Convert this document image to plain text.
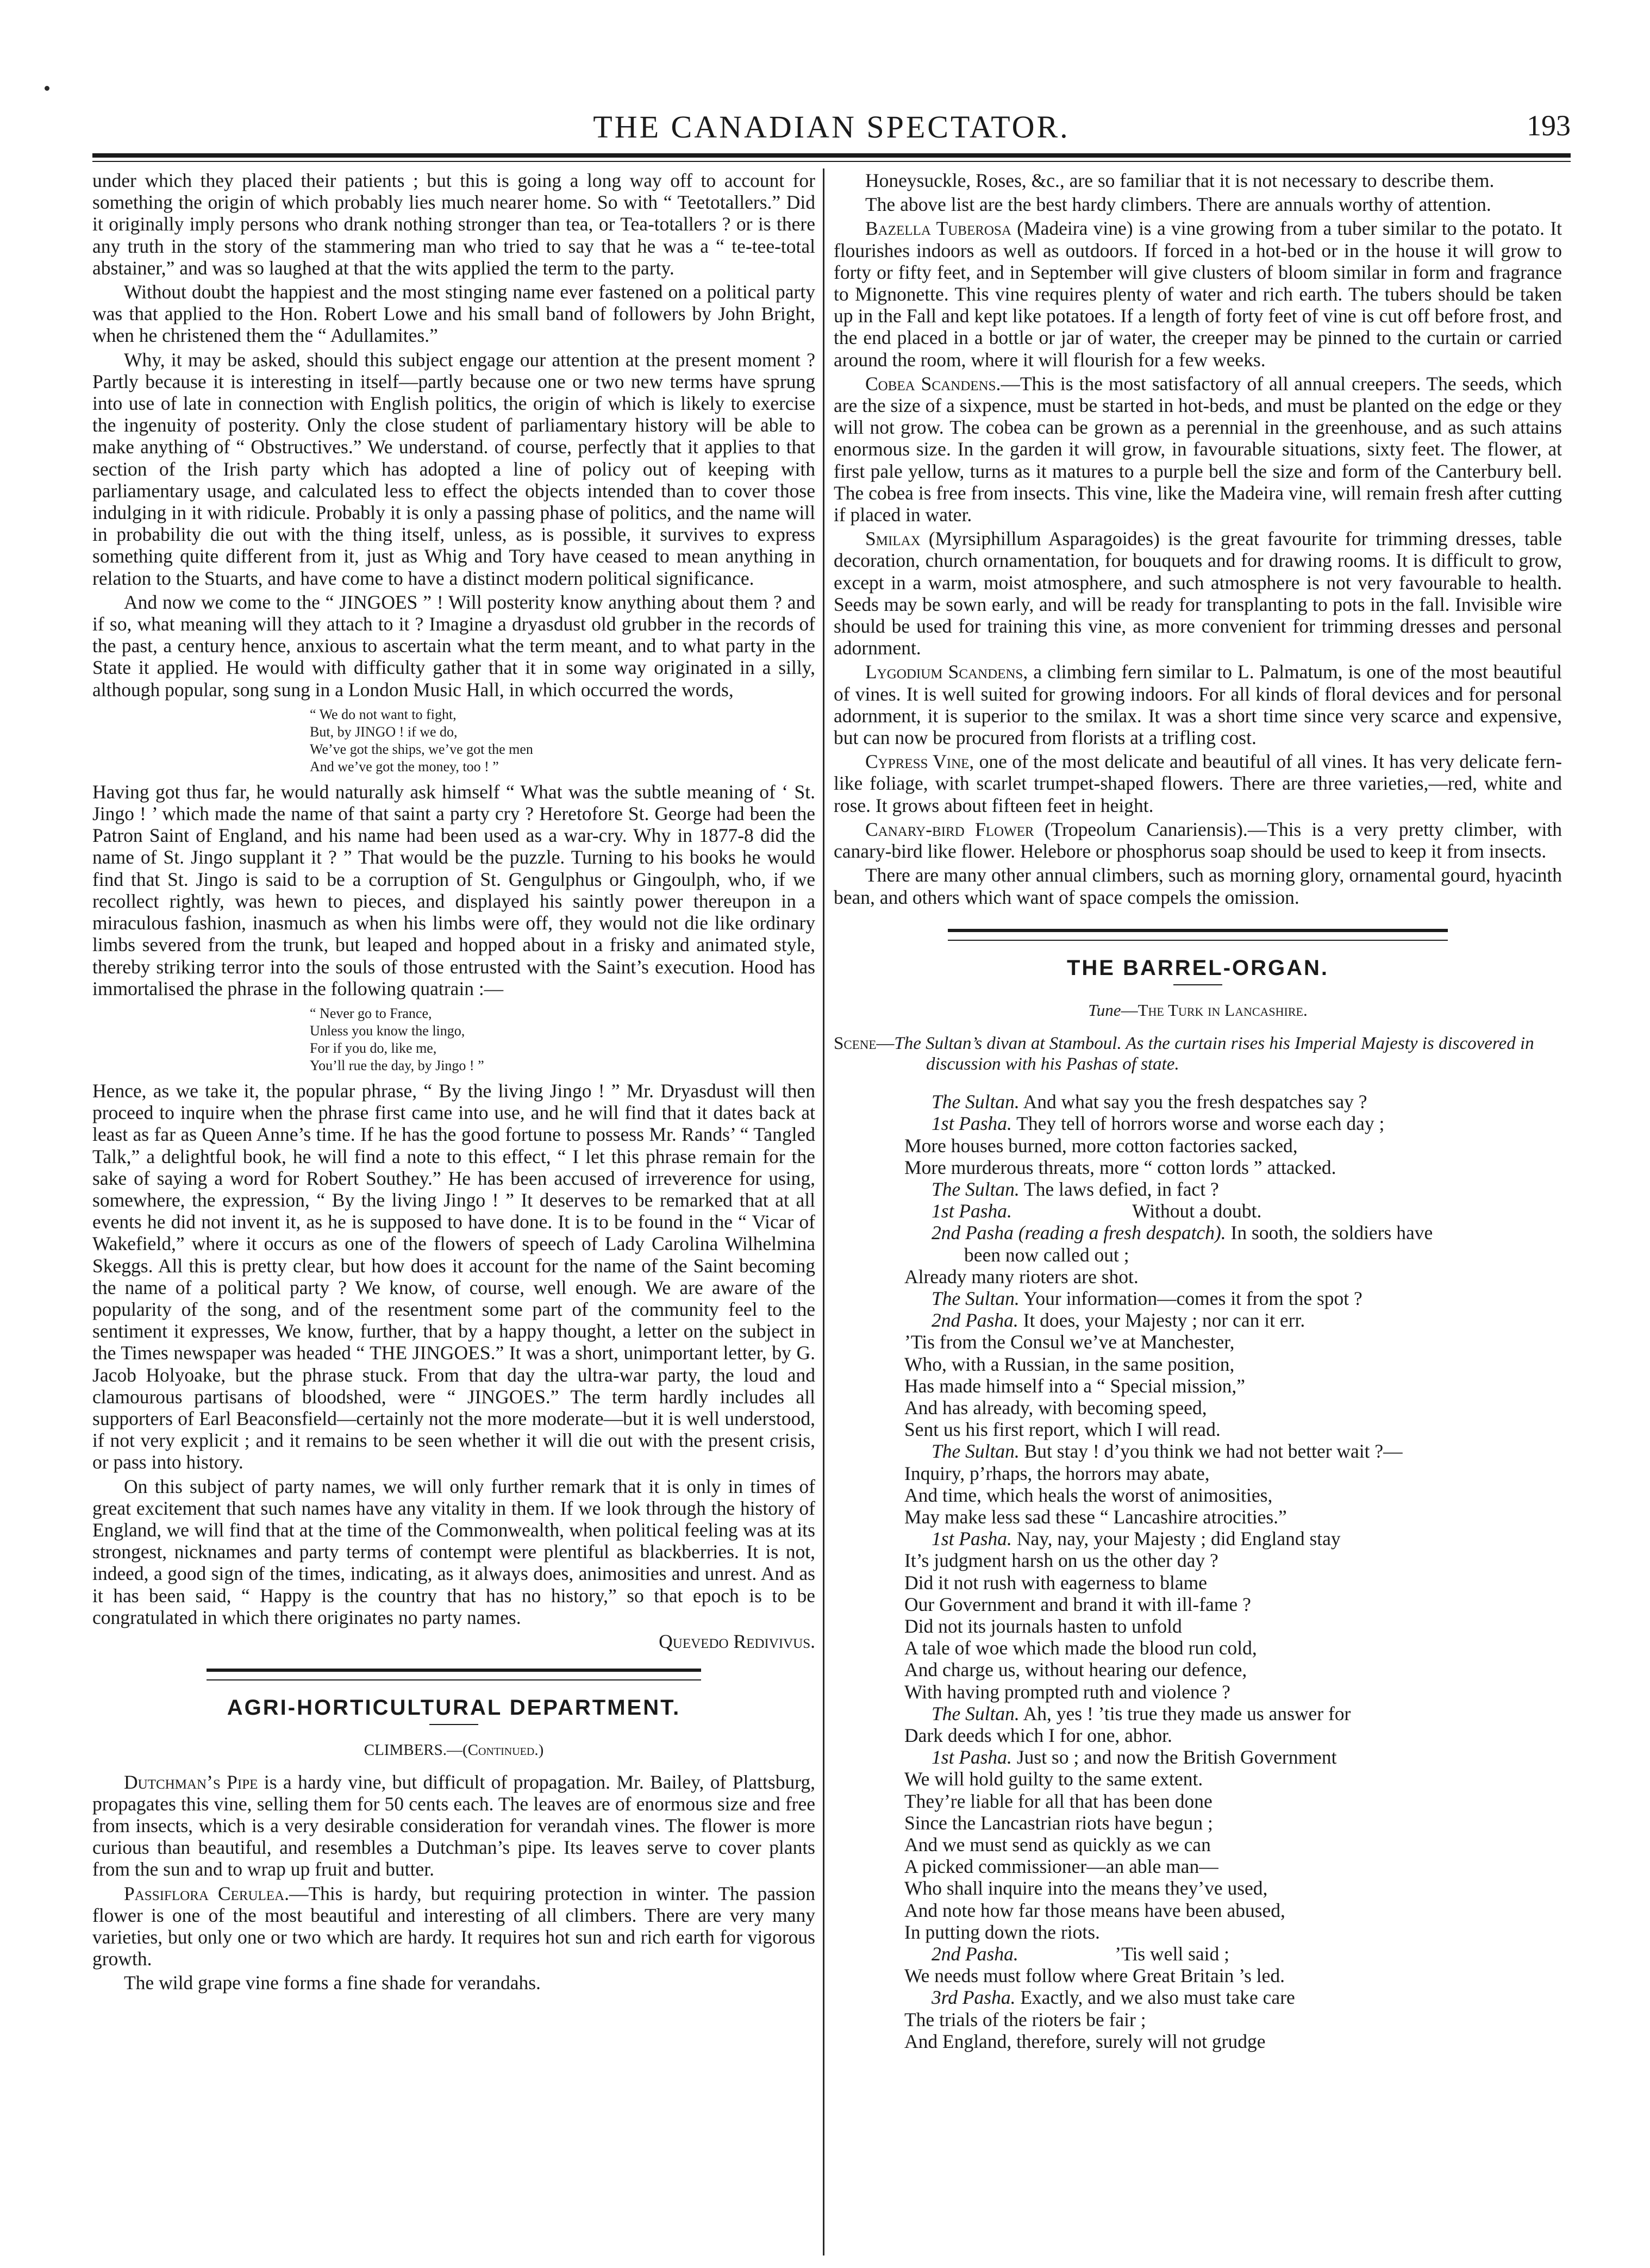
THE CANADIAN SPECTATOR.	193

under which they placed their patients ; but this is going a long way off to account for something the origin of which probably lies much nearer home. So with “ Teetotallers.” Did it originally imply persons who drank nothing stronger than tea, or Tea-totallers ? or is there any truth in the story of the stammering man who tried to say that he was a “ te-tee-total abstainer,” and was so laughed at that the wits applied the term to the party.

Without doubt the happiest and the most stinging name ever fastened on a political party was that applied to the Hon. Robert Lowe and his small band of followers by John Bright, when he christened them the “ Adullamites.”

Why, it may be asked, should this subject engage our attention at the present moment ? Partly because it is interesting in itself—partly because one or two new terms have sprung into use of late in connection with English politics, the origin of which is likely to exercise the ingenuity of posterity. Only the close student of parliamentary history will be able to make anything of “ Obstructives.” We understand. of course, perfectly that it applies to that section of the Irish party which has adopted a line of policy out of keeping with parliamentary usage, and calculated less to effect the objects intended than to cover those indulging in it with ridicule. Probably it is only a passing phase of politics, and the name will in probability die out with the thing itself, unless, as is possible, it survives to express something quite different from it, just as Whig and Tory have ceased to mean anything in relation to the Stuarts, and have come to have a distinct modern political significance.

And now we come to the “ JINGOES ” ! Will posterity know anything about them ? and if so, what meaning will they attach to it ? Imagine a dryasdust old grubber in the records of the past, a century hence, anxious to ascertain what the term meant, and to what party in the State it applied. He would with difficulty gather that it in some way originated in a silly, although popular, song sung in a London Music Hall, in which occurred the words,

“ We do not want to fight,
But, by JINGO ! if we do,
We’ve got the ships, we’ve got the men
And we’ve got the money, too ! ”

Having got thus far, he would naturally ask himself “ What was the subtle meaning of ‘ St. Jingo ! ’ which made the name of that saint a party cry ? Heretofore St. George had been the Patron Saint of England, and his name had been used as a war-cry. Why in 1877-8 did the name of St. Jingo supplant it ? ” That would be the puzzle. Turning to his books he would find that St. Jingo is said to be a corruption of St. Gengulphus or Gingoulph, who, if we recollect rightly, was hewn to pieces, and displayed his saintly power thereupon in a miraculous fashion, inasmuch as when his limbs were off, they would not die like ordinary limbs severed from the trunk, but leaped and hopped about in a frisky and animated style, thereby striking terror into the souls of those entrusted with the Saint’s execution. Hood has immortalised the phrase in the following quatrain :—

“ Never go to France,
Unless you know the lingo,
For if you do, like me,
You’ll rue the day, by Jingo ! ”

Hence, as we take it, the popular phrase, “ By the living Jingo ! ” Mr. Dryasdust will then proceed to inquire when the phrase first came into use, and he will find that it dates back at least as far as Queen Anne’s time. If he has the good fortune to possess Mr. Rands’ “ Tangled Talk,” a delightful book, he will find a note to this effect, “ I let this phrase remain for the sake of saying a word for Robert Southey.” He has been accused of irreverence for using, somewhere, the expression, “ By the living Jingo ! ” It deserves to be remarked that at all events he did not invent it, as he is supposed to have done. It is to be found in the “ Vicar of Wakefield,” where it occurs as one of the flowers of speech of Lady Carolina Wilhelmina Skeggs. All this is pretty clear, but how does it account for the name of the Saint becoming the name of a political party ? We know, of course, well enough. We are aware of the popularity of the song, and of the resentment some part of the community feel to the sentiment it expresses, We know, further, that by a happy thought, a letter on the subject in the Times newspaper was headed “ THE JINGOES.” It was a short, unimportant letter, by G. Jacob Holyoake, but the phrase stuck. From that day the ultra-war party, the loud and clamourous partisans of bloodshed, were “ JINGOES.” The term hardly includes all supporters of Earl Beaconsfield—certainly not the more moderate—but it is well understood, if not very explicit ; and it remains to be seen whether it will die out with the present crisis, or pass into history.

On this subject of party names, we will only further remark that it is only in times of great excitement that such names have any vitality in them. If we look through the history of England, we will find that at the time of the Commonwealth, when political feeling was at its strongest, nicknames and party terms of contempt were plentiful as blackberries. It is not, indeed, a good sign of the times, indicating, as it always does, animosities and unrest. And as it has been said, “ Happy is the country that has no history,” so that epoch is to be congratulated in which there originates no party names.

Quevedo Redivivus.

AGRI-HORTICULTURAL DEPARTMENT.
CLIMBERS.—(Continued.)

Dutchman’s Pipe is a hardy vine, but difficult of propagation. Mr. Bailey, of Plattsburg, propagates this vine, selling them for 50 cents each. The leaves are of enormous size and free from insects, which is a very desirable consideration for verandah vines. The flower is more curious than beautiful, and resembles a Dutchman’s pipe. Its leaves serve to cover plants from the sun and to wrap up fruit and butter.

Passiflora Cerulea.—This is hardy, but requiring protection in winter. The passion flower is one of the most beautiful and interesting of all climbers. There are very many varieties, but only one or two which are hardy. It requires hot sun and rich earth for vigorous growth.

The wild grape vine forms a fine shade for verandahs.

Honeysuckle, Roses, &c., are so familiar that it is not necessary to describe them.

The above list are the best hardy climbers. There are annuals worthy of attention.

Bazella Tuberosa (Madeira vine) is a vine growing from a tuber similar to the potato. It flourishes indoors as well as outdoors. If forced in a hot-bed or in the house it will grow to forty or fifty feet, and in September will give clusters of bloom similar in form and fragrance to Mignonette. This vine requires plenty of water and rich earth. The tubers should be taken up in the Fall and kept like potatoes. If a length of forty feet of vine is cut off before frost, and the end placed in a bottle or jar of water, the creeper may be pinned to the curtain or carried around the room, where it will flourish for a few weeks.

Cobea Scandens.—This is the most satisfactory of all annual creepers. The seeds, which are the size of a sixpence, must be started in hot-beds, and must be planted on the edge or they will not grow. The cobea can be grown as a perennial in the greenhouse, and as such attains enormous size. In the garden it will grow, in favourable situations, sixty feet. The flower, at first pale yellow, turns as it matures to a purple bell the size and form of the Canterbury bell. The cobea is free from insects. This vine, like the Madeira vine, will remain fresh after cutting if placed in water.

Smilax (Myrsiphillum Asparagoides) is the great favourite for trimming dresses, table decoration, church ornamentation, for bouquets and for drawing rooms. It is difficult to grow, except in a warm, moist atmosphere, and such atmosphere is not very favourable to health. Seeds may be sown early, and will be ready for transplanting to pots in the fall. Invisible wire should be used for training this vine, as more convenient for trimming dresses and personal adornment.

Lygodium Scandens, a climbing fern similar to L. Palmatum, is one of the most beautiful of vines. It is well suited for growing indoors. For all kinds of floral devices and for personal adornment, it is superior to the smilax. It was a short time since very scarce and expensive, but can now be procured from florists at a trifling cost.

Cypress Vine, one of the most delicate and beautiful of all vines. It has very delicate fern-like foliage, with scarlet trumpet-shaped flowers. There are three varieties,—red, white and rose. It grows about fifteen feet in height.

Canary-bird Flower (Tropeolum Canariensis).—This is a very pretty climber, with canary-bird like flower. Helebore or phosphorus soap should be used to keep it from insects.

There are many other annual climbers, such as morning glory, ornamental gourd, hyacinth bean, and others which want of space compels the omission.

THE BARREL-ORGAN.
Tune—The Turk in Lancashire.
Scene—The Sultan’s divan at Stamboul. As the curtain rises his Imperial Majesty is discovered in discussion with his Pashas of state.
The Sultan. And what say you the fresh despatches say ?
1st Pasha. They tell of horrors worse and worse each day ;
More houses burned, more cotton factories sacked,
More murderous threats, more “ cotton lords ” attacked.
The Sultan. The laws defied, in fact ?
1st Pasha.                         Without a doubt.
2nd Pasha (reading a fresh despatch). In sooth, the soldiers have
been now called out ;
Already many rioters are shot.
The Sultan. Your information—comes it from the spot ?
2nd Pasha. It does, your Majesty ; nor can it err.
’Tis from the Consul we’ve at Manchester,
Who, with a Russian, in the same position,
Has made himself into a “ Special mission,”
And has already, with becoming speed,
Sent us his first report, which I will read.
The Sultan. But stay ! d’you think we had not better wait ?—
Inquiry, p’rhaps, the horrors may abate,
And time, which heals the worst of animosities,
May make less sad these “ Lancashire atrocities.”
1st Pasha. Nay, nay, your Majesty ; did England stay
It’s judgment harsh on us the other day ?
Did it not rush with eagerness to blame
Our Government and brand it with ill-fame ?
Did not its journals hasten to unfold
A tale of woe which made the blood run cold,
And charge us, without hearing our defence,
With having prompted ruth and violence ?
The Sultan. Ah, yes ! ’tis true they made us answer for
Dark deeds which I for one, abhor.
1st Pasha. Just so ; and now the British Government
We will hold guilty to the same extent.
They’re liable for all that has been done
Since the Lancastrian riots have begun ;
And we must send as quickly as we can
A picked commissioner—an able man—
Who shall inquire into the means they’ve used,
And note how far those means have been abused,
In putting down the riots.
2nd Pasha.                    ’Tis well said ;
We needs must follow where Great Britain ’s led.
3rd Pasha. Exactly, and we also must take care
The trials of the rioters be fair ;
And England, therefore, surely will not grudge
